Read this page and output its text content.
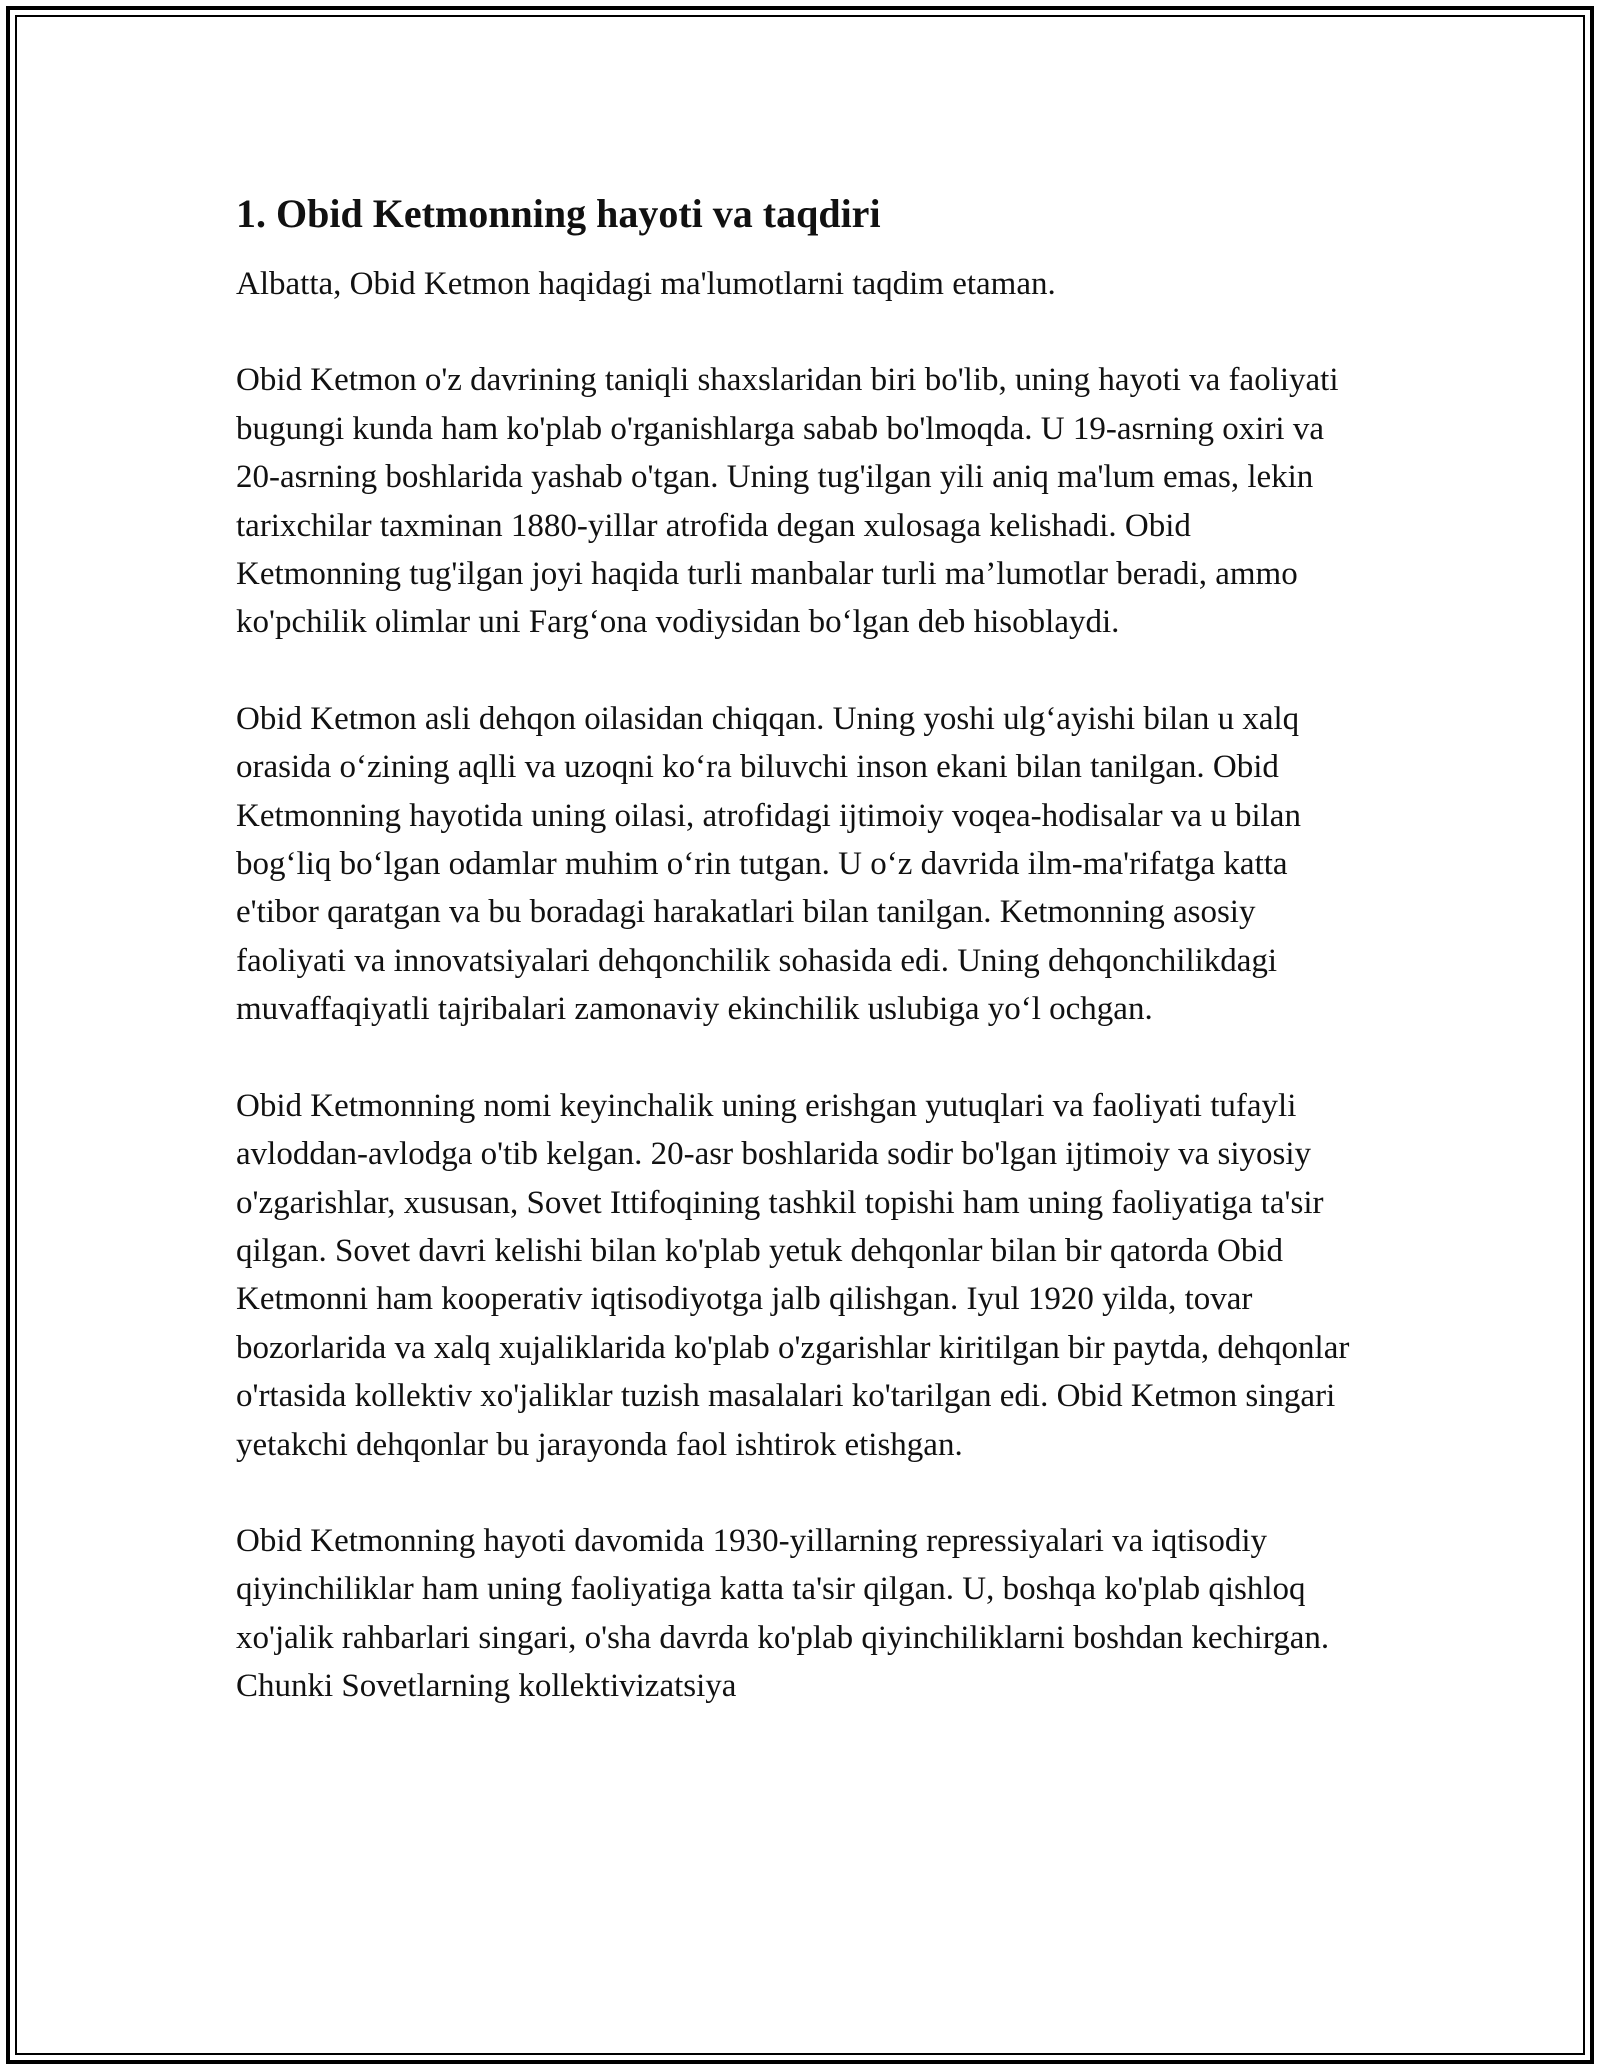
1. Obid Ketmonning hayoti va taqdiri

Albatta, Obid Ketmon haqidagi ma'lumotlarni taqdim etaman.

Obid Ketmon o'z davrining taniqli shaxslaridan biri bo'lib, uning hayoti va faoliyati bugungi kunda ham ko'plab o'rganishlarga sabab bo'lmoqda. U 19-asrning oxiri va 20-asrning boshlarida yashab o'tgan. Uning tug'ilgan yili aniq ma'lum emas, lekin tarixchilar taxminan 1880-yillar atrofida degan xulosaga kelishadi. Obid Ketmonning tug'ilgan joyi haqida turli manbalar turli ma’lumotlar beradi, ammo ko'pchilik olimlar uni Farg‘ona vodiysidan bo‘lgan deb hisoblaydi.

Obid Ketmon asli dehqon oilasidan chiqqan. Uning yoshi ulg‘ayishi bilan u xalq orasida o‘zining aqlli va uzoqni ko‘ra biluvchi inson ekani bilan tanilgan. Obid Ketmonning hayotida uning oilasi, atrofidagi ijtimoiy voqea-hodisalar va u bilan bog‘liq bo‘lgan odamlar muhim o‘rin tutgan. U o‘z davrida ilm-ma'rifatga katta e'tibor qaratgan va bu boradagi harakatlari bilan tanilgan. Ketmonning asosiy faoliyati va innovatsiyalari dehqonchilik sohasida edi. Uning dehqonchilikdagi muvaffaqiyatli tajribalari zamonaviy ekinchilik uslubiga yo‘l ochgan.

Obid Ketmonning nomi keyinchalik uning erishgan yutuqlari va faoliyati tufayli avloddan-avlodga o'tib kelgan. 20-asr boshlarida sodir bo'lgan ijtimoiy va siyosiy o'zgarishlar, xususan, Sovet Ittifoqining tashkil topishi ham uning faoliyatiga ta'sir qilgan. Sovet davri kelishi bilan ko'plab yetuk dehqonlar bilan bir qatorda Obid Ketmonni ham kooperativ iqtisodiyotga jalb qilishgan. Iyul 1920 yilda, tovar bozorlarida va xalq xujaliklarida ko'plab o'zgarishlar kiritilgan bir paytda, dehqonlar o'rtasida kollektiv xo'jaliklar tuzish masalalari ko'tarilgan edi. Obid Ketmon singari yetakchi dehqonlar bu jarayonda faol ishtirok etishgan.

Obid Ketmonning hayoti davomida 1930-yillarning repressiyalari va iqtisodiy qiyinchiliklar ham uning faoliyatiga katta ta'sir qilgan. U, boshqa ko'plab qishloq xo'jalik rahbarlari singari, o'sha davrda ko'plab qiyinchiliklarni boshdan kechirgan. Chunki Sovetlarning kollektivizatsiya
